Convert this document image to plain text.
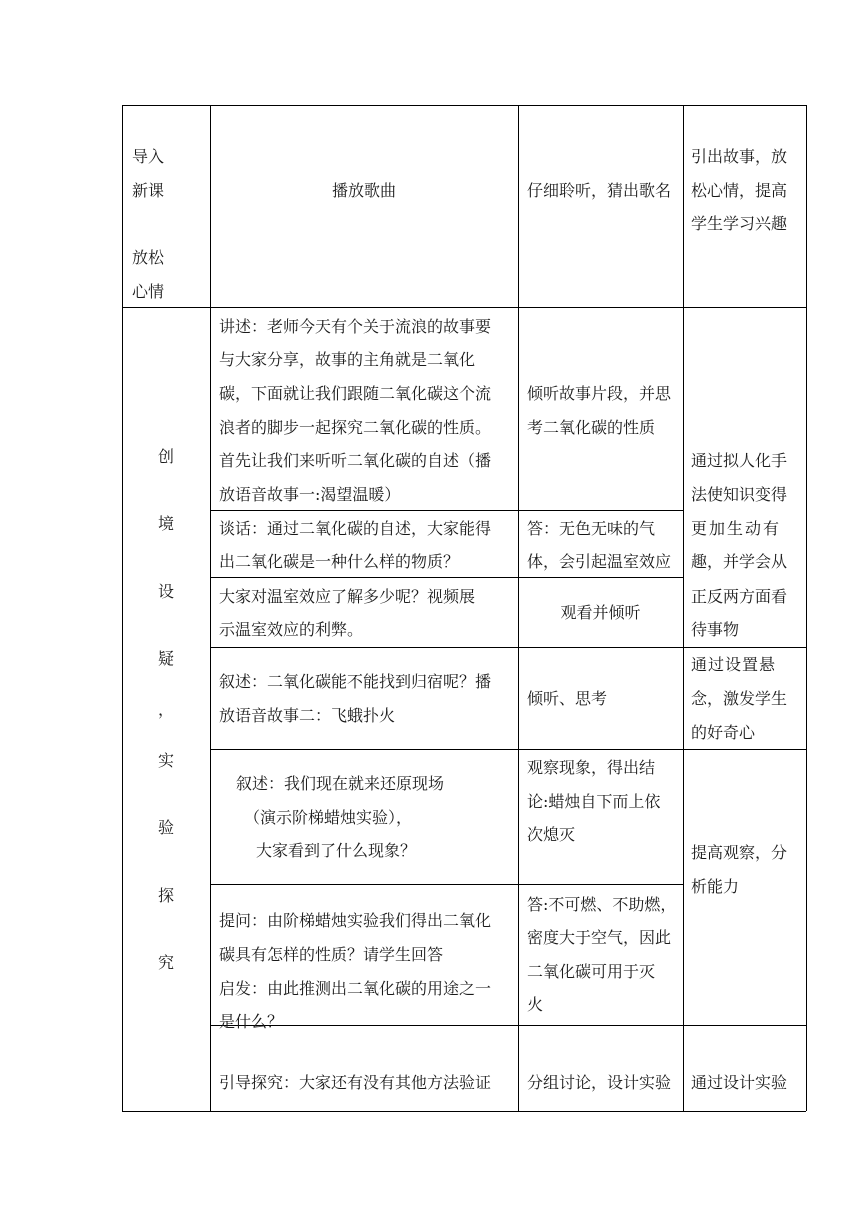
导入
新课
放松
心情
播放歌曲	仔细聆听，猜出歌名
引出故事，放
松心情，提高
学生学习兴趣
创
境
设
疑
，
实
验
探
究
讲述：老师今天有个关于流浪的故事要
与大家分享，故事的主角就是二氧化
碳，下面就让我们跟随二氧化碳这个流
浪者的脚步一起探究二氧化碳的性质。
首先让我们来听听二氧化碳的自述（播
放语音故事一:渴望温暖）
谈话：通过二氧化碳的自述，大家能得
出二氧化碳是一种什么样的物质？
大家对温室效应了解多少呢？视频展
示温室效应的利弊。
叙述：二氧化碳能不能找到归宿呢？播
放语音故事二：飞蛾扑火
叙述：我们现在就来还原现场
（演示阶梯蜡烛实验），
大家看到了什么现象？
提问：由阶梯蜡烛实验我们得出二氧化
碳具有怎样的性质？请学生回答
启发：由此推测出二氧化碳的用途之一
是什么？
引导探究：大家还有没有其他方法验证
倾听故事片段，并思
考二氧化碳的性质
答：无色无味的气
体，会引起温室效应
观看并倾听
倾听、思考
观察现象，得出结
论:蜡烛自下而上依
次熄灭
答:不可燃、不助燃，
密度大于空气，因此
二氧化碳可用于灭
火
分组讨论，设计实验
通过拟人化手
法使知识变得
更加生动有
趣，并学会从
正反两方面看
待事物
通过设置悬
念，激发学生
的好奇心
提高观察，分
析能力
通过设计实验
